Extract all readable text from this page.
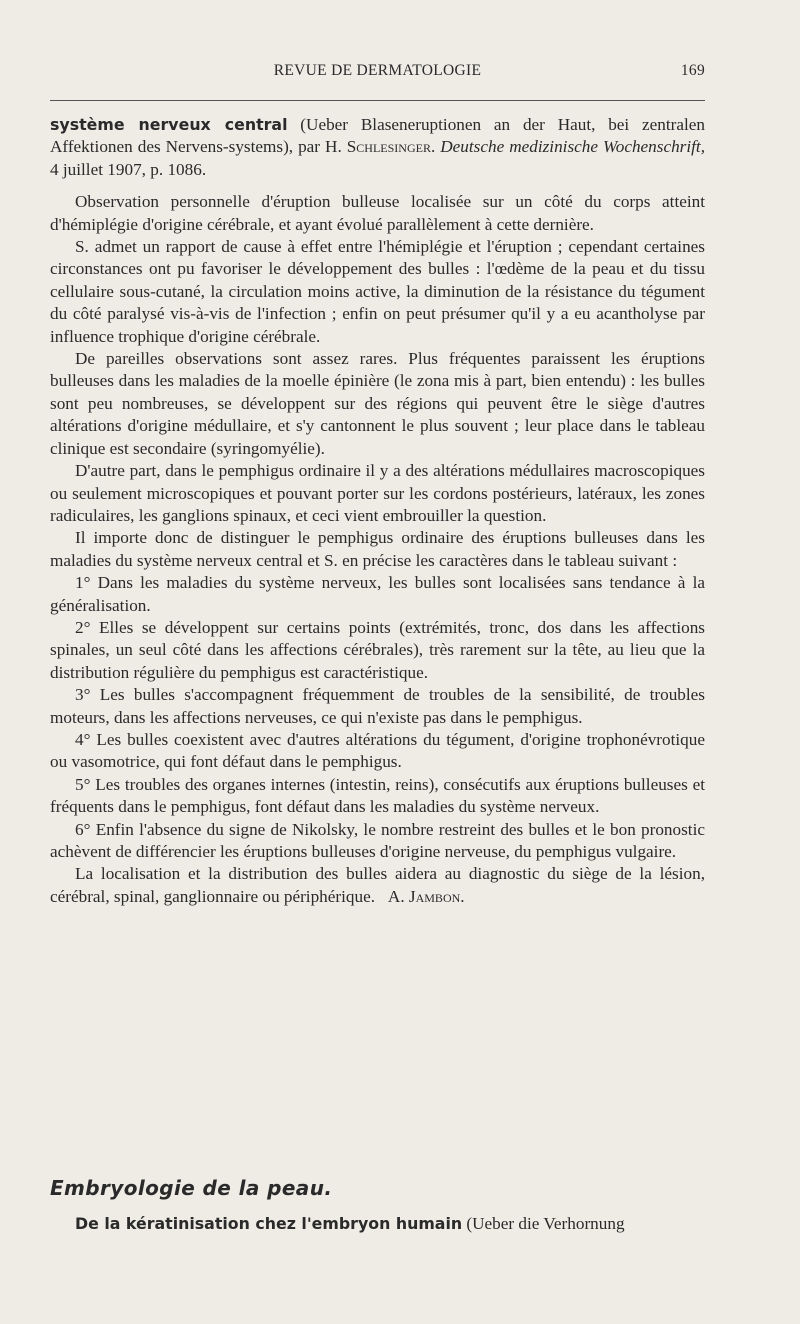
REVUE DE DERMATOLOGIE	169

système nerveux central (Ueber Blaseneruptionen an der Haut, bei zentralen Affektionen des Nervens-systems), par H. Schlesinger. Deutsche medizinische Wochenschrift, 4 juillet 1907, p. 1086.

Observation personnelle d'éruption bulleuse localisée sur un côté du corps atteint d'hémiplégie d'origine cérébrale, et ayant évolué parallèlement à cette dernière.

S. admet un rapport de cause à effet entre l'hémiplégie et l'éruption ; cependant certaines circonstances ont pu favoriser le développement des bulles : l'œdème de la peau et du tissu cellulaire sous-cutané, la circulation moins active, la diminution de la résistance du tégument du côté paralysé vis-à-vis de l'infection ; enfin on peut présumer qu'il y a eu acantholyse par influence trophique d'origine cérébrale.

De pareilles observations sont assez rares. Plus fréquentes paraissent les éruptions bulleuses dans les maladies de la moelle épinière (le zona mis à part, bien entendu) : les bulles sont peu nombreuses, se développent sur des régions qui peuvent être le siège d'autres altérations d'origine médullaire, et s'y cantonnent le plus souvent ; leur place dans le tableau clinique est secondaire (syringomyélie).

D'autre part, dans le pemphigus ordinaire il y a des altérations médullaires macroscopiques ou seulement microscopiques et pouvant porter sur les cordons postérieurs, latéraux, les zones radiculaires, les ganglions spinaux, et ceci vient embrouiller la question.

Il importe donc de distinguer le pemphigus ordinaire des éruptions bulleuses dans les maladies du système nerveux central et S. en précise les caractères dans le tableau suivant :

1° Dans les maladies du système nerveux, les bulles sont localisées sans tendance à la généralisation.

2° Elles se développent sur certains points (extrémités, tronc, dos dans les affections spinales, un seul côté dans les affections cérébrales), très rarement sur la tête, au lieu que la distribution régulière du pemphigus est caractéristique.

3° Les bulles s'accompagnent fréquemment de troubles de la sensibilité, de troubles moteurs, dans les affections nerveuses, ce qui n'existe pas dans le pemphigus.

4° Les bulles coexistent avec d'autres altérations du tégument, d'origine trophonévrotique ou vasomotrice, qui font défaut dans le pemphigus.

5° Les troubles des organes internes (intestin, reins), consécutifs aux éruptions bulleuses et fréquents dans le pemphigus, font défaut dans les maladies du système nerveux.

6° Enfin l'absence du signe de Nikolsky, le nombre restreint des bulles et le bon pronostic achèvent de différencier les éruptions bulleuses d'origine nerveuse, du pemphigus vulgaire.

La localisation et la distribution des bulles aidera au diagnostic du siège de la lésion, cérébral, spinal, ganglionnaire ou périphérique. A. Jambon.

Embryologie de la peau.
De la kératinisation chez l'embryon humain (Ueber die Verhornung
